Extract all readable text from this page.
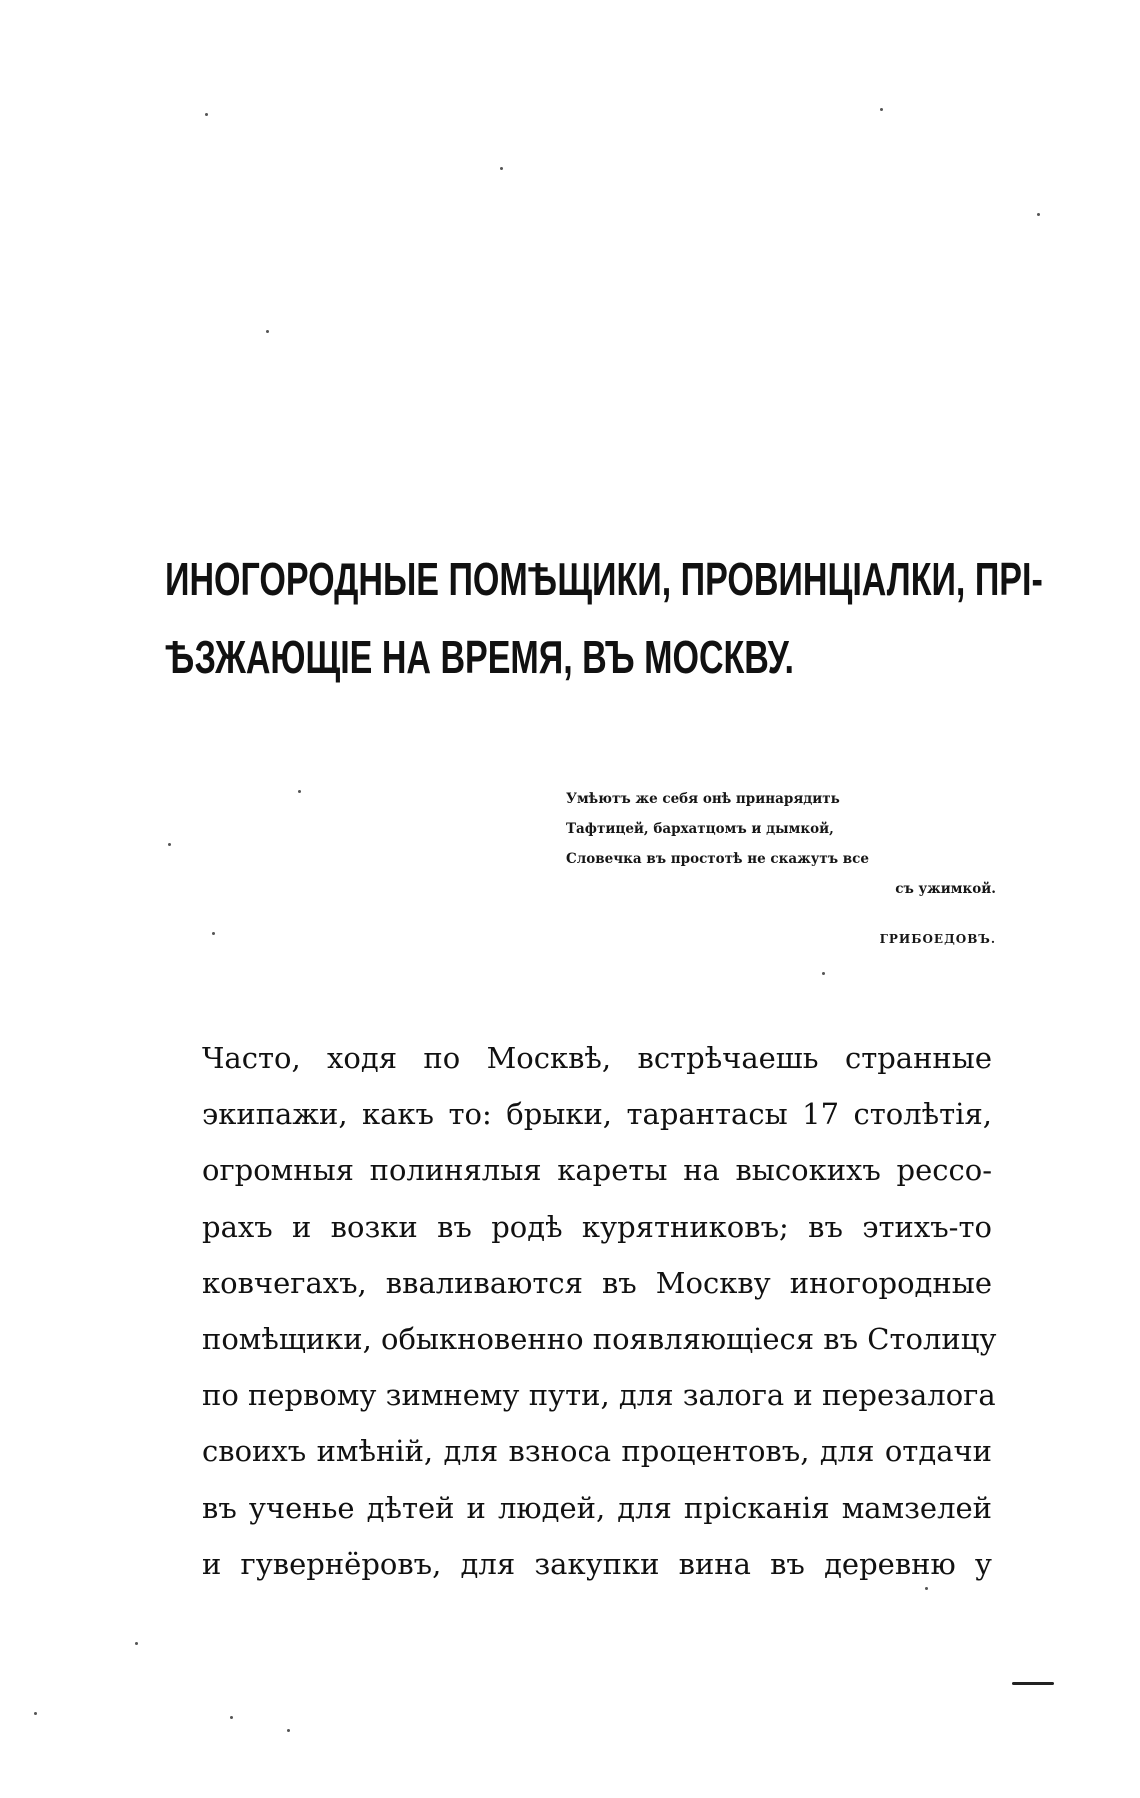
ИНОГОРОДНЫЕ ПОМѢЩИКИ, ПРОВИНЦІАЛКИ, ПРІ-
ѢЗЖАЮЩІЕ НА ВРЕМЯ, ВЪ МОСКВУ.
Умѣютъ же себя онѣ принарядить
Тафтицей, бархатцомъ и дымкой,
Словечка въ простотѣ не скажутъ все
съ ужимкой.
ГРИБОЕДОВЪ.
Часто, ходя по Москвѣ, встрѣчаешь странные
экипажи, какъ то: брыки, тарантасы 17 столѣтія,
огромныя полинялыя кареты на высокихъ рессо-
рахъ и возки въ родѣ курятниковъ; въ этихъ-то
ковчегахъ, вваливаются въ Москву иногородные
помѣщики, обыкновенно появляющіеся въ Столицу
по первому зимнему пути, для залога и перезалога
своихъ имѣній, для взноса процентовъ, для отдачи
въ ученье дѣтей и людей, для прісканія мамзелей
и гувернёровъ, для закупки вина въ деревню у
